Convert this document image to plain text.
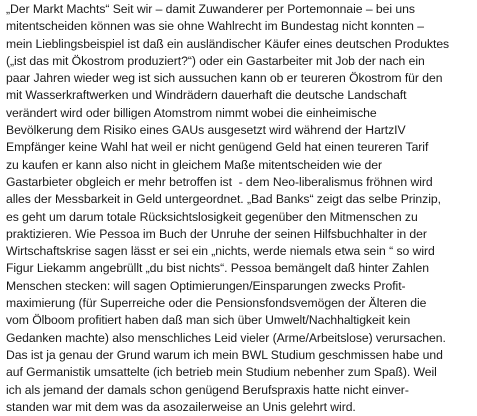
„Der Markt Machts“ Seit wir – damit Zuwanderer per Portemonnaie – bei uns
mitentscheiden können was sie ohne Wahlrecht im Bundestag nicht konnten –
mein Lieblingsbeispiel ist daß ein ausländischer Käufer eines deutschen Produktes
(„ist das mit Ökostrom produziert?“) oder ein Gastarbeiter mit Job der nach ein
paar Jahren wieder weg ist sich aussuchen kann ob er teureren Ökostrom für den
mit Wasserkraftwerken und Windrädern dauerhaft die deutsche Landschaft
verändert wird oder billigen Atomstrom nimmt wobei die einheimische
Bevölkerung dem Risiko eines GAUs ausgesetzt wird während der HartzIV
Empfänger keine Wahl hat weil er nicht genügend Geld hat einen teureren Tarif
zu kaufen er kann also nicht in gleichem Maße mitentscheiden wie der
Gastarbieter obgleich er mehr betroffen ist  - dem Neo-liberalismus fröhnen wird
alles der Messbarkeit in Geld untergeordnet. „Bad Banks“ zeigt das selbe Prinzip,
es geht um darum totale Rücksichtslosigkeit gegenüber den Mitmenschen zu
praktizieren. Wie Pessoa im Buch der Unruhe der seinen Hilfsbuchhalter in der
Wirtschaftskrise sagen lässt er sei ein „nichts, werde niemals etwa sein “ so wird
Figur Liekamm angebrüllt „du bist nichts“. Pessoa bemängelt daß hinter Zahlen
Menschen stecken: will sagen Optimierungen/Einsparungen zwecks Profit-
maximierung (für Superreiche oder die Pensionsfondsvemögen der Älteren die
vom Ölboom profitiert haben daß man sich über Umwelt/Nachhaltigkeit kein
Gedanken machte) also menschliches Leid vieler (Arme/Arbeitslose) verursachen.
Das ist ja genau der Grund warum ich mein BWL Studium geschmissen habe und
auf Germanistik umsattelte (ich betrieb mein Studium nebenher zum Spaß). Weil
ich als jemand der damals schon genügend Berufspraxis hatte nicht einver-
standen war mit dem was da asozailerweise an Unis gelehrt wird.
